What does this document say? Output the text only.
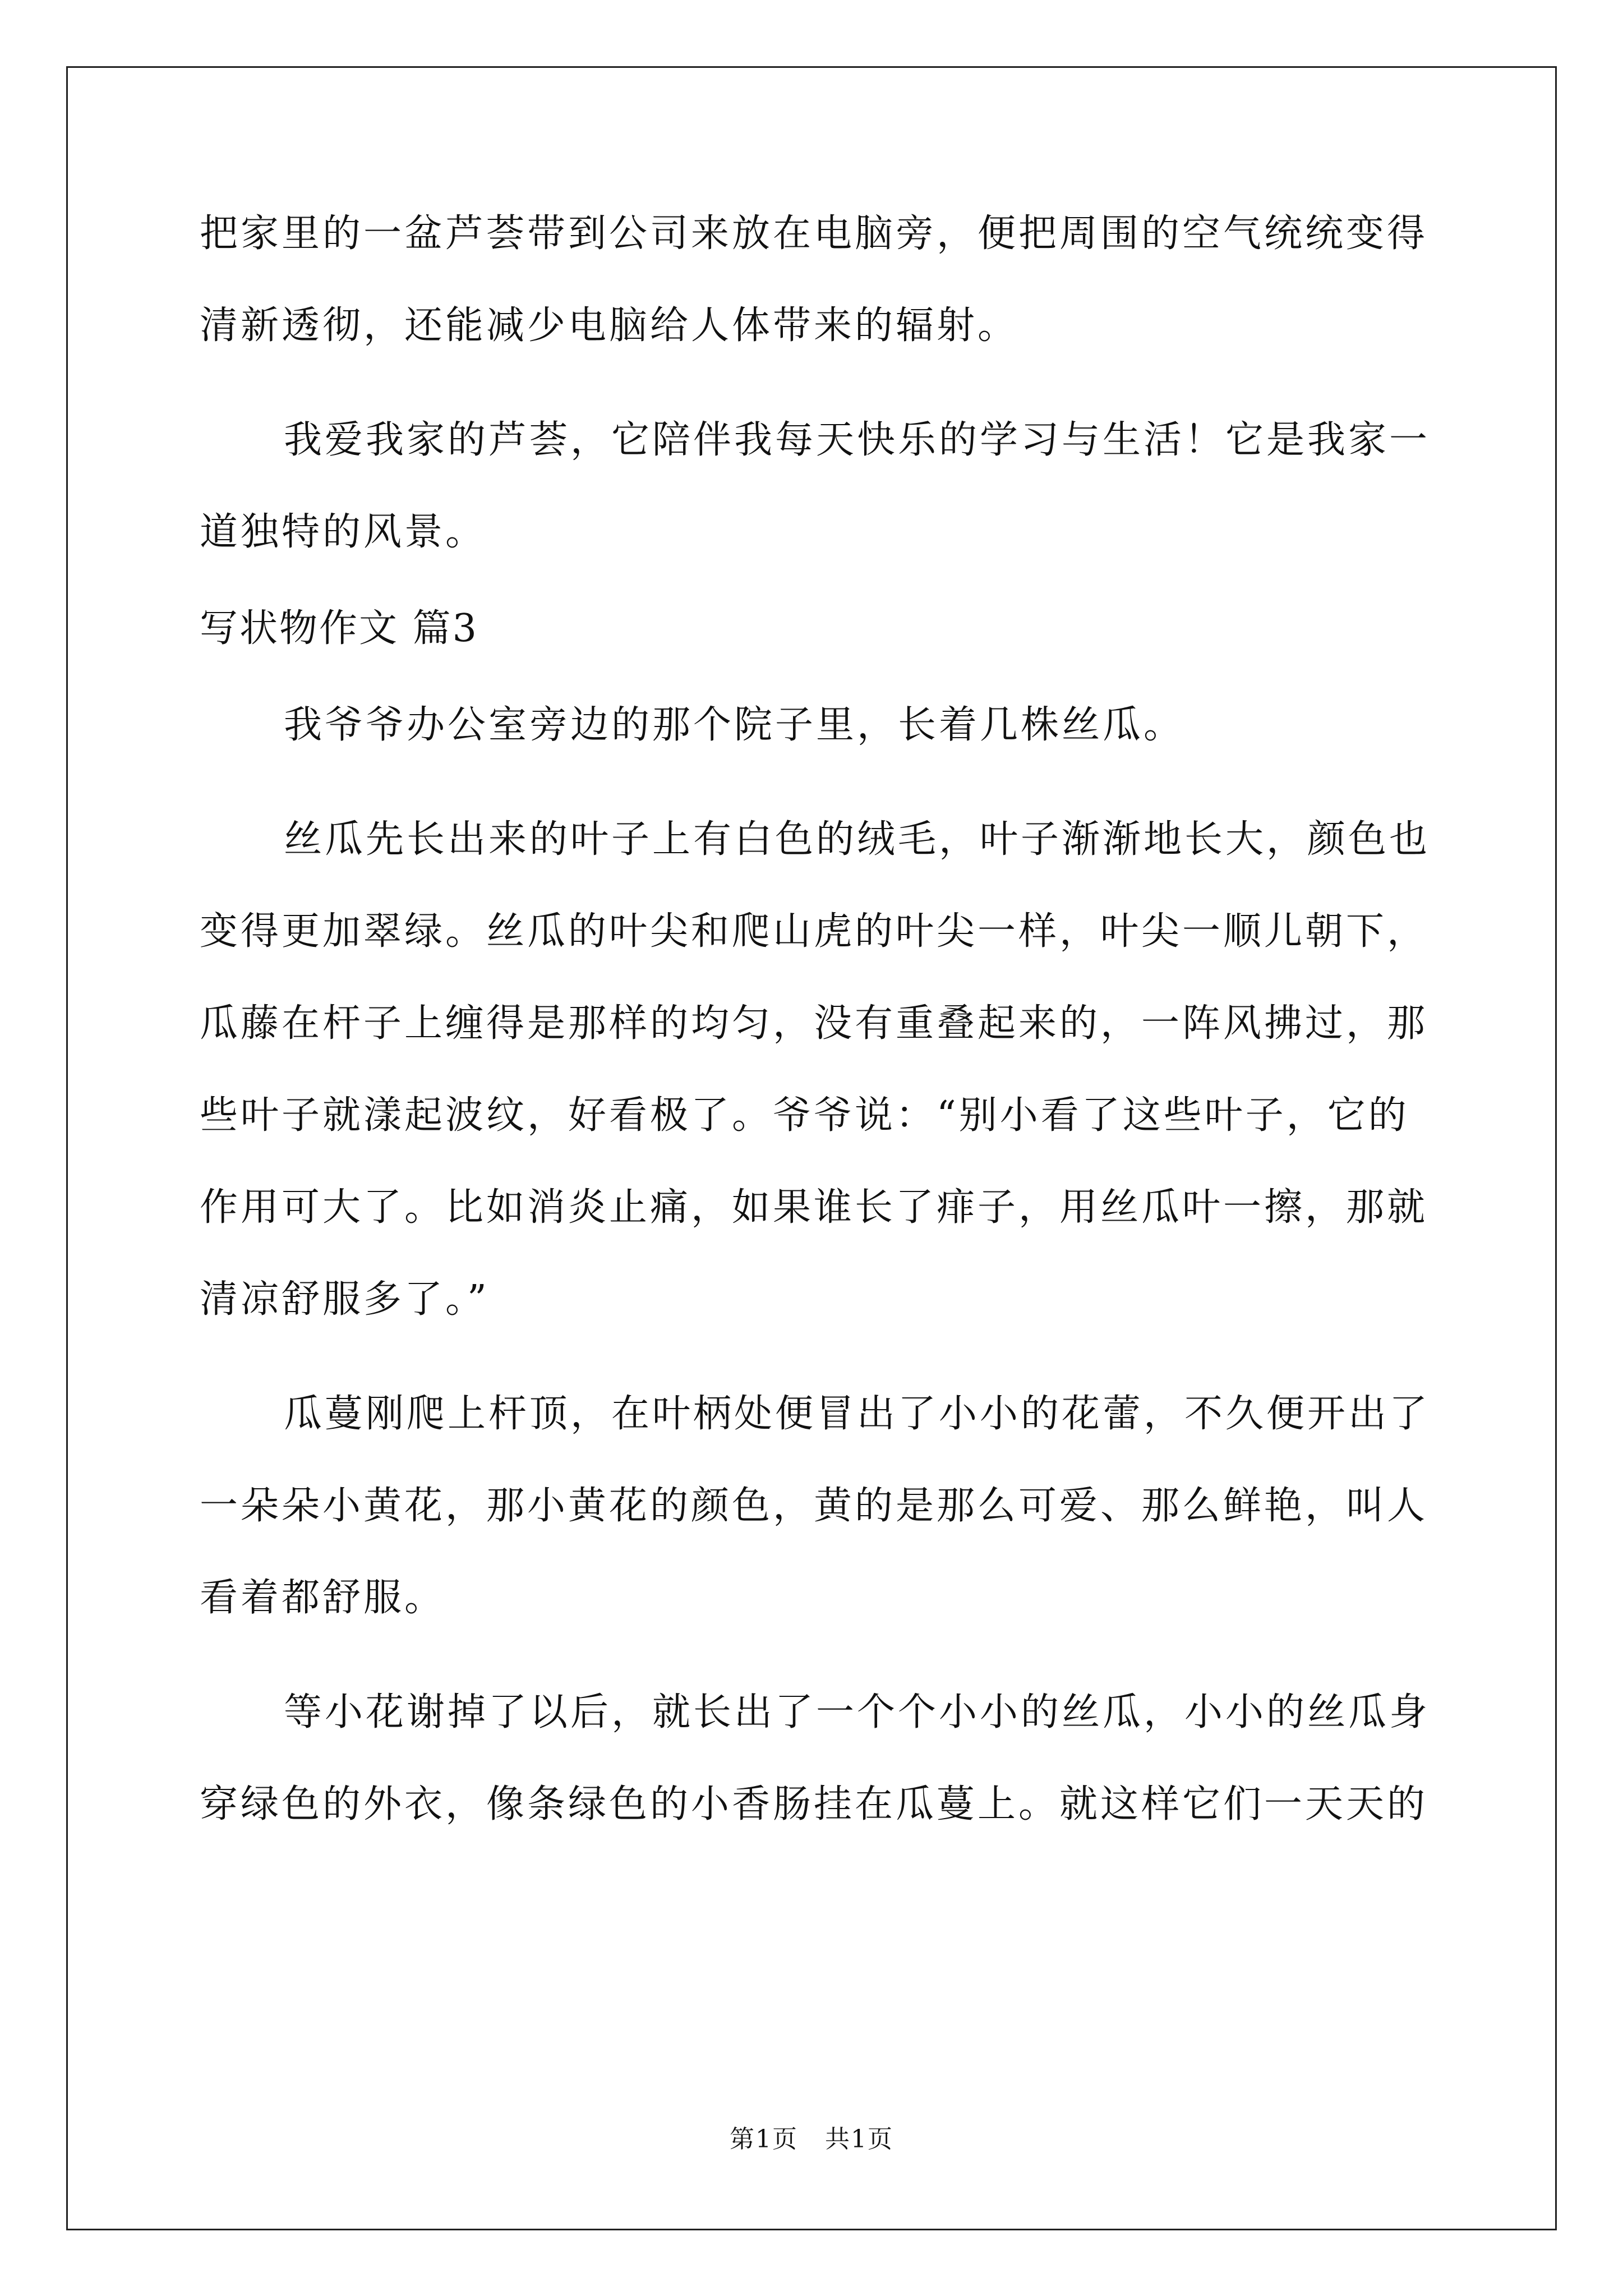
把家里的一盆芦荟带到公司来放在电脑旁，便把周围的空气统统变得
清新透彻，还能减少电脑给人体带来的辐射。
我爱我家的芦荟，它陪伴我每天快乐的学习与生活！它是我家一
道独特的风景。
写状物作文 篇3
我爷爷办公室旁边的那个院子里，长着几株丝瓜。
丝瓜先长出来的叶子上有白色的绒毛，叶子渐渐地长大，颜色也
变得更加翠绿。丝瓜的叶尖和爬山虎的叶尖一样，叶尖一顺儿朝下，
瓜藤在杆子上缠得是那样的均匀，没有重叠起来的，一阵风拂过，那
些叶子就漾起波纹，好看极了。爷爷说：“别小看了这些叶子，它的
作用可大了。比如消炎止痛，如果谁长了痱子，用丝瓜叶一擦，那就
清凉舒服多了。”
瓜蔓刚爬上杆顶，在叶柄处便冒出了小小的花蕾，不久便开出了
一朵朵小黄花，那小黄花的颜色，黄的是那么可爱、那么鲜艳，叫人
看着都舒服。
等小花谢掉了以后，就长出了一个个小小的丝瓜，小小的丝瓜身
穿绿色的外衣，像条绿色的小香肠挂在瓜蔓上。就这样它们一天天的
第1页 共1页
